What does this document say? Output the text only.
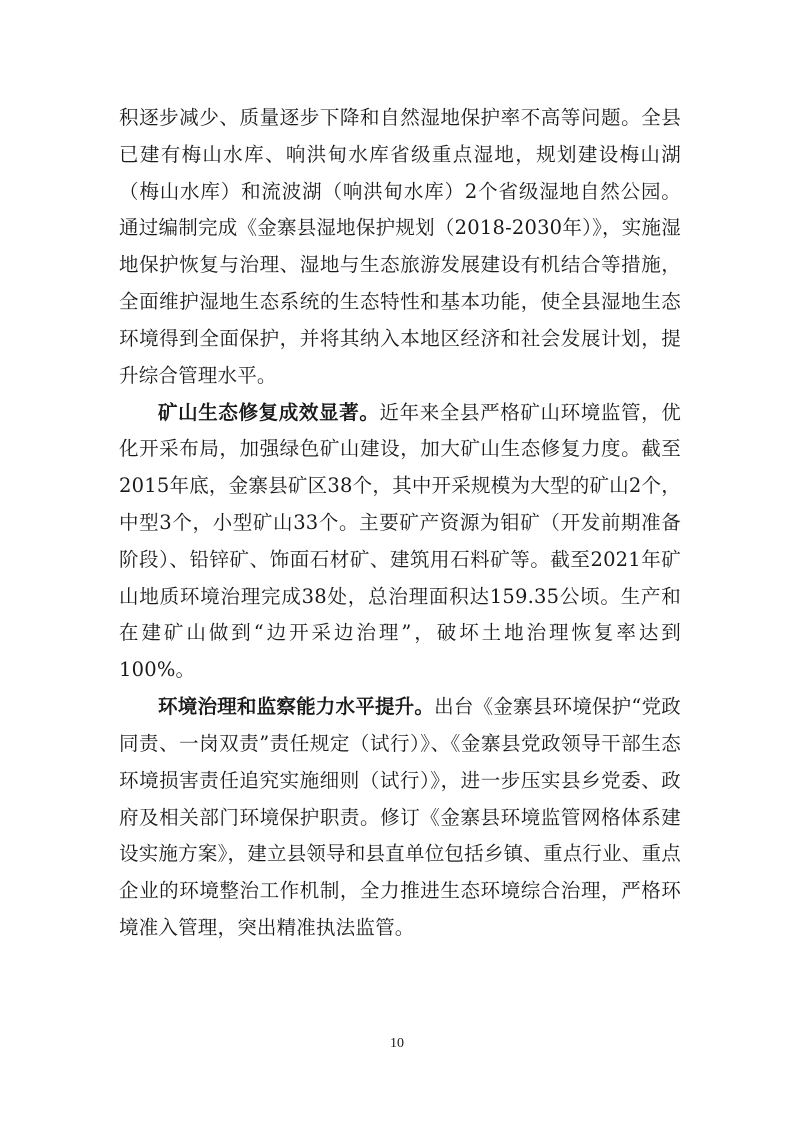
积逐步减少、质量逐步下降和自然湿地保护率不高等问题。全县已建有梅山水库、响洪甸水库省级重点湿地，规划建设梅山湖（梅山水库）和流波湖（响洪甸水库）2个省级湿地自然公园。通过编制完成《金寨县湿地保护规划（2018-2030年）》，实施湿地保护恢复与治理、湿地与生态旅游发展建设有机结合等措施，全面维护湿地生态系统的生态特性和基本功能，使全县湿地生态环境得到全面保护，并将其纳入本地区经济和社会发展计划，提升综合管理水平。

矿山生态修复成效显著。近年来全县严格矿山环境监管，优化开采布局，加强绿色矿山建设，加大矿山生态修复力度。截至2015年底，金寨县矿区38个，其中开采规模为大型的矿山2个，中型3个，小型矿山33个。主要矿产资源为钼矿（开发前期准备阶段）、铅锌矿、饰面石材矿、建筑用石料矿等。截至2021年矿山地质环境治理完成38处，总治理面积达159.35公顷。生产和在建矿山做到“边开采边治理”，破坏土地治理恢复率达到100%。

环境治理和监察能力水平提升。出台《金寨县环境保护“党政同责、一岗双责”责任规定（试行）》、《金寨县党政领导干部生态环境损害责任追究实施细则（试行）》，进一步压实县乡党委、政府及相关部门环境保护职责。修订《金寨县环境监管网格体系建设实施方案》，建立县领导和县直单位包括乡镇、重点行业、重点企业的环境整治工作机制，全力推进生态环境综合治理，严格环境准入管理，突出精准执法监管。

10
